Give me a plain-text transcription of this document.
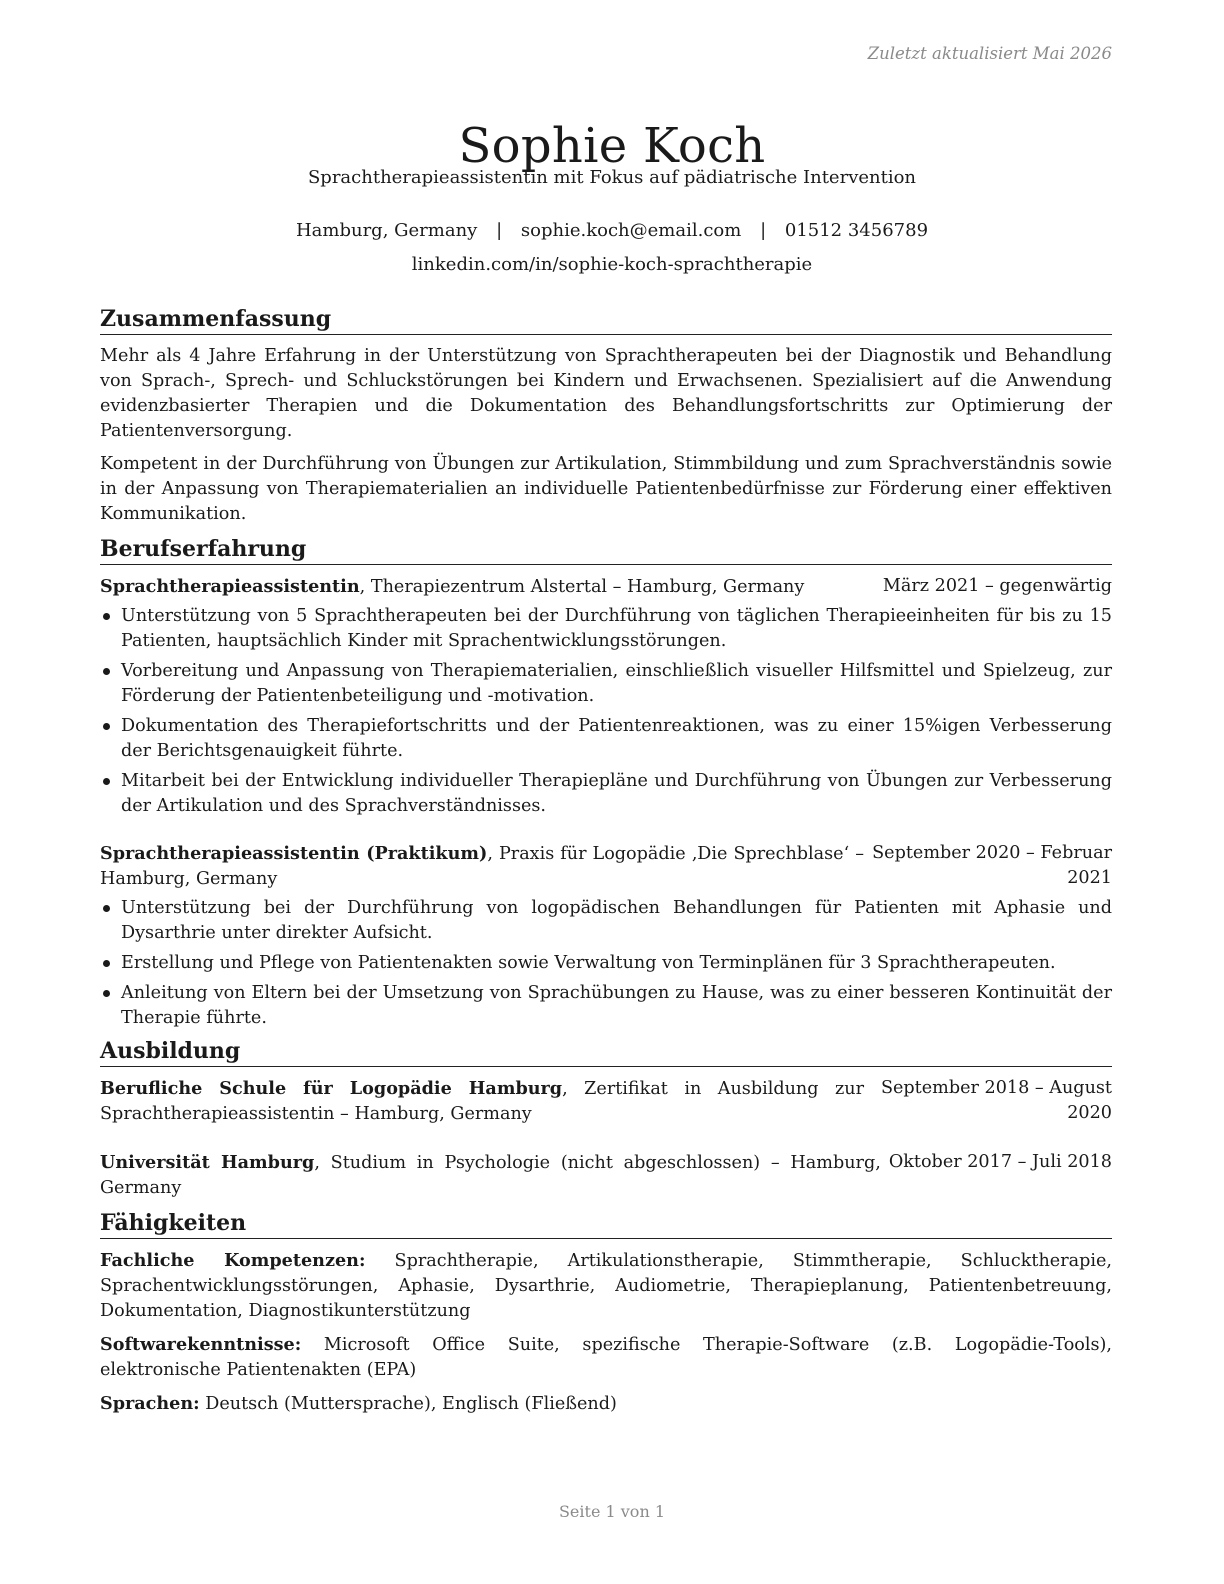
Zuletzt aktualisiert Mai 2026
Sophie Koch
Sprachtherapieassistentin mit Fokus auf pädiatrische Intervention
Hamburg, Germany | sophie.koch@email.com | 01512 3456789
linkedin.com/in/sophie-koch-sprachtherapie
Zusammenfassung

Mehr als 4 Jahre Erfahrung in der Unterstützung von Sprachtherapeuten bei der Diagnostik und Behandlung von Sprach-, Sprech- und Schluckstörungen bei Kindern und Erwachsenen. Spezialisiert auf die Anwendung evidenzbasierter Therapien und die Dokumentation des Behandlungsfortschritts zur Optimierung der Patientenversorgung.

Kompetent in der Durchführung von Übungen zur Artikulation, Stimmbildung und zum Sprachverständnis sowie in der Anpassung von Therapiematerialien an individuelle Patientenbedürfnisse zur Förderung einer effektiven Kommunikation.

Berufserfahrung
Sprachtherapieassistentin, Therapiezentrum Alstertal – Hamburg, Germany	März 2021 – gegenwärtig
Unterstützung von 5 Sprachtherapeuten bei der Durchführung von täglichen Therapieeinheiten für bis zu 15 Patienten, hauptsächlich Kinder mit Sprachentwicklungsstörungen.
Vorbereitung und Anpassung von Therapiematerialien, einschließlich visueller Hilfsmittel und Spielzeug, zur Förderung der Patientenbeteiligung und -motivation.
Dokumentation des Therapiefortschritts und der Patientenreaktionen, was zu einer 15%igen Verbesserung der Berichtsgenauigkeit führte.
Mitarbeit bei der Entwicklung individueller Therapiepläne und Durchführung von Übungen zur Verbesserung der Artikulation und des Sprachverständnisses.
Sprachtherapieassistentin (Praktikum), Praxis für Logopädie ‚Die Sprechblase‘ – Hamburg, Germany
September 2020 – Februar 2021
Unterstützung bei der Durchführung von logopädischen Behandlungen für Patienten mit Aphasie und Dysarthrie unter direkter Aufsicht.
Erstellung und Pflege von Patientenakten sowie Verwaltung von Terminplänen für 3 Sprachtherapeuten.
Anleitung von Eltern bei der Umsetzung von Sprachübungen zu Hause, was zu einer besseren Kontinuität der Therapie führte.
Ausbildung
Berufliche Schule für Logopädie Hamburg, Zertifikat in Ausbildung zur Sprachtherapieassistentin – Hamburg, Germany
September 2018 – August 2020
Universität Hamburg, Studium in Psychologie (nicht abgeschlossen) – Hamburg, Germany
Oktober 2017 – Juli 2018
Fähigkeiten

Fachliche Kompetenzen: Sprachtherapie, Artikulationstherapie, Stimmtherapie, Schlucktherapie, Sprachentwicklungsstörungen, Aphasie, Dysarthrie, Audiometrie, Therapieplanung, Patientenbetreuung, Dokumentation, Diagnostikunterstützung

Softwarekenntnisse: Microsoft Office Suite, spezifische Therapie-Software (z.B. Logopädie-Tools), elektronische Patientenakten (EPA)

Sprachen: Deutsch (Muttersprache), Englisch (Fließend)

Seite 1 von 1
